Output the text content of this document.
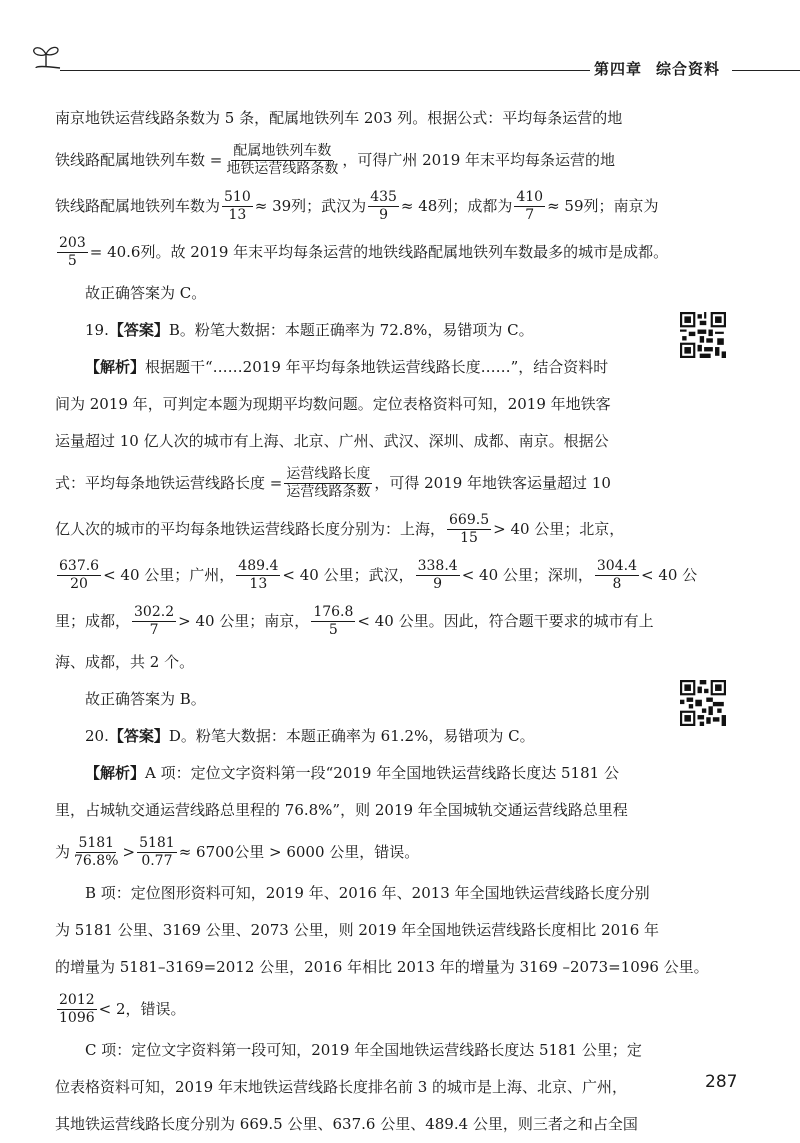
第四章 综合资料
南京地铁运营线路条数为 5 条，配属地铁列车 203 列。根据公式：平均每条运营的地
铁线路配属地铁列车数 = $\frac{\text{配属地铁列车数}}{\text{地铁运营线路条数}}$ ，可得广州 2019 年末平均每条运营的地
铁线路配属地铁列车数为 $\frac{510}{13} \approx 39$列；武汉为 $\frac{435}{9} \approx 48$列；成都为 $\frac{410}{7} \approx 59$列；南京为
$\frac{203}{5} = 40.6$列。故 2019 年末平均每条运营的地铁线路配属地铁列车数最多的城市是成都。
故正确答案为 C。
19. 【答案】 B。粉笔大数据：本题正确率为 72.8%，易错项为 C。
【解析】 根据题干“……2019 年平均每条地铁运营线路长度……”，结合资料时
间为 2019 年，可判定本题为现期平均数问题。定位表格资料可知，2019 年地铁客
运量超过 10 亿人次的城市有上海、北京、广州、武汉、深圳、成都、南京。根据公
式：平均每条地铁运营线路长度 = $\frac{\text{运营线路长度}}{\text{运营线路条数}}$ ，可得 2019 年地铁客运量超过 10
亿人次的城市的平均每条地铁运营线路长度分别为：上海， $\frac{669.5}{15} > 40$ 公里；北京，
$\frac{637.6}{20} < 40$ 公里；广州， $\frac{489.4}{13} < 40$ 公里；武汉， $\frac{338.4}{9} < 40$ 公里；深圳， $\frac{304.4}{8} < 40$ 公
里；成都， $\frac{302.2}{7} > 40$ 公里；南京， $\frac{176.8}{5} < 40$ 公里。因此，符合题干要求的城市有上
海、成都，共 2 个。
故正确答案为 B。
20. 【答案】 D。粉笔大数据：本题正确率为 61.2%，易错项为 C。
【解析】 A 项：定位文字资料第一段“2019 年全国地铁运营线路长度达 5181 公
里，占城轨交通运营线路总里程的 76.8%”，则 2019 年全国城轨交通运营线路总里程
为 $\frac{5181}{76.8\%} > \frac{5181}{0.77} \approx 6700$公里 > 6000 公里，错误。
B 项：定位图形资料可知，2019 年、2016 年、2013 年全国地铁运营线路长度分别
为 5181 公里、3169 公里、2073 公里，则 2019 年全国地铁运营线路长度相比 2016 年
的增量为 5181–3169=2012 公里，2016 年相比 2013 年的增量为 3169 –2073=1096 公里。
$\frac{2012}{1096} < 2$，错误。
C 项：定位文字资料第一段可知，2019 年全国地铁运营线路长度达 5181 公里；定
位表格资料可知，2019 年末地铁运营线路长度排名前 3 的城市是上海、北京、广州，
其地铁运营线路长度分别为 669.5 公里、637.6 公里、489.4 公里，则三者之和占全国
287
